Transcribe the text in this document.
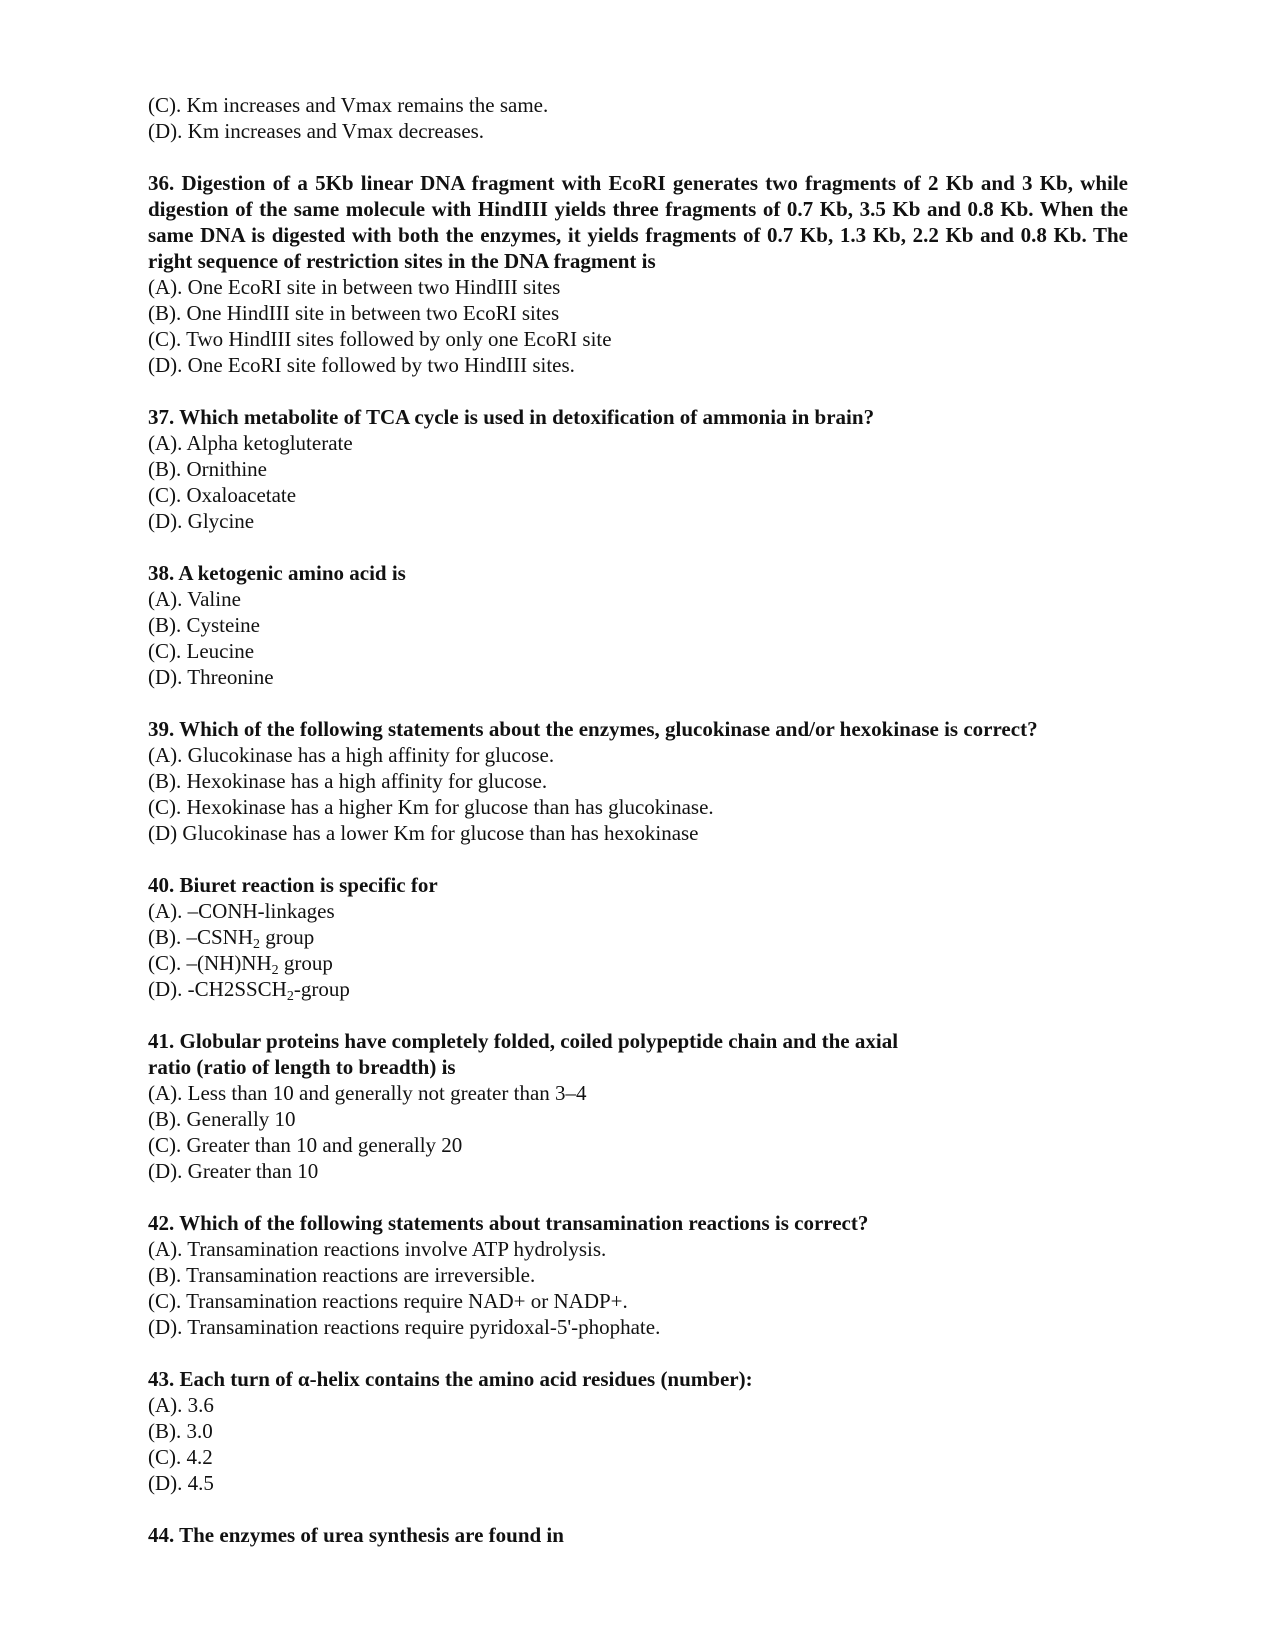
(C). Km increases and Vmax remains the same.
(D). Km increases and Vmax decreases.
36. Digestion of a 5Kb linear DNA fragment with EcoRI generates two fragments of 2 Kb and 3 Kb, while digestion of the same molecule with HindIII yields three fragments of 0.7 Kb, 3.5 Kb and 0.8 Kb. When the same DNA is digested with both the enzymes, it yields fragments of 0.7 Kb, 1.3 Kb, 2.2 Kb and 0.8 Kb. The right sequence of restriction sites in the DNA fragment is
(A). One EcoRI site in between two HindIII sites
(B). One HindIII site in between two EcoRI sites
(C). Two HindIII sites followed by only one EcoRI site
(D). One EcoRI site followed by two HindIII sites.
37. Which metabolite of TCA cycle is used in detoxification of ammonia in brain?
(A). Alpha ketogluterate
(B). Ornithine
(C). Oxaloacetate
(D). Glycine
38. A ketogenic amino acid is
(A). Valine
(B). Cysteine
(C). Leucine
(D). Threonine
39. Which of the following statements about the enzymes, glucokinase and/or hexokinase is correct?
(A). Glucokinase has a high affinity for glucose.
(B). Hexokinase has a high affinity for glucose.
(C). Hexokinase has a higher Km for glucose than has glucokinase.
(D) Glucokinase has a lower Km for glucose than has hexokinase
40. Biuret reaction is specific for
(A). –CONH-linkages
(B). $-CSNH_2$ group
(C). $-(NH)NH_2$ group
(D). $-CH2SSCH_2$-group
41. Globular proteins have completely folded, coiled polypeptide chain and the axial
ratio (ratio of length to breadth) is
(A). Less than 10 and generally not greater than 3–4
(B). Generally 10
(C). Greater than 10 and generally 20
(D). Greater than 10
42. Which of the following statements about transamination reactions is correct?
(A). Transamination reactions involve ATP hydrolysis.
(B). Transamination reactions are irreversible.
(C). Transamination reactions require NAD+ or NADP+.
(D). Transamination reactions require pyridoxal-5'-phophate.
43. Each turn of α-helix contains the amino acid residues (number):
(A). 3.6
(B). 3.0
(C). 4.2
(D). 4.5
44. The enzymes of urea synthesis are found in
